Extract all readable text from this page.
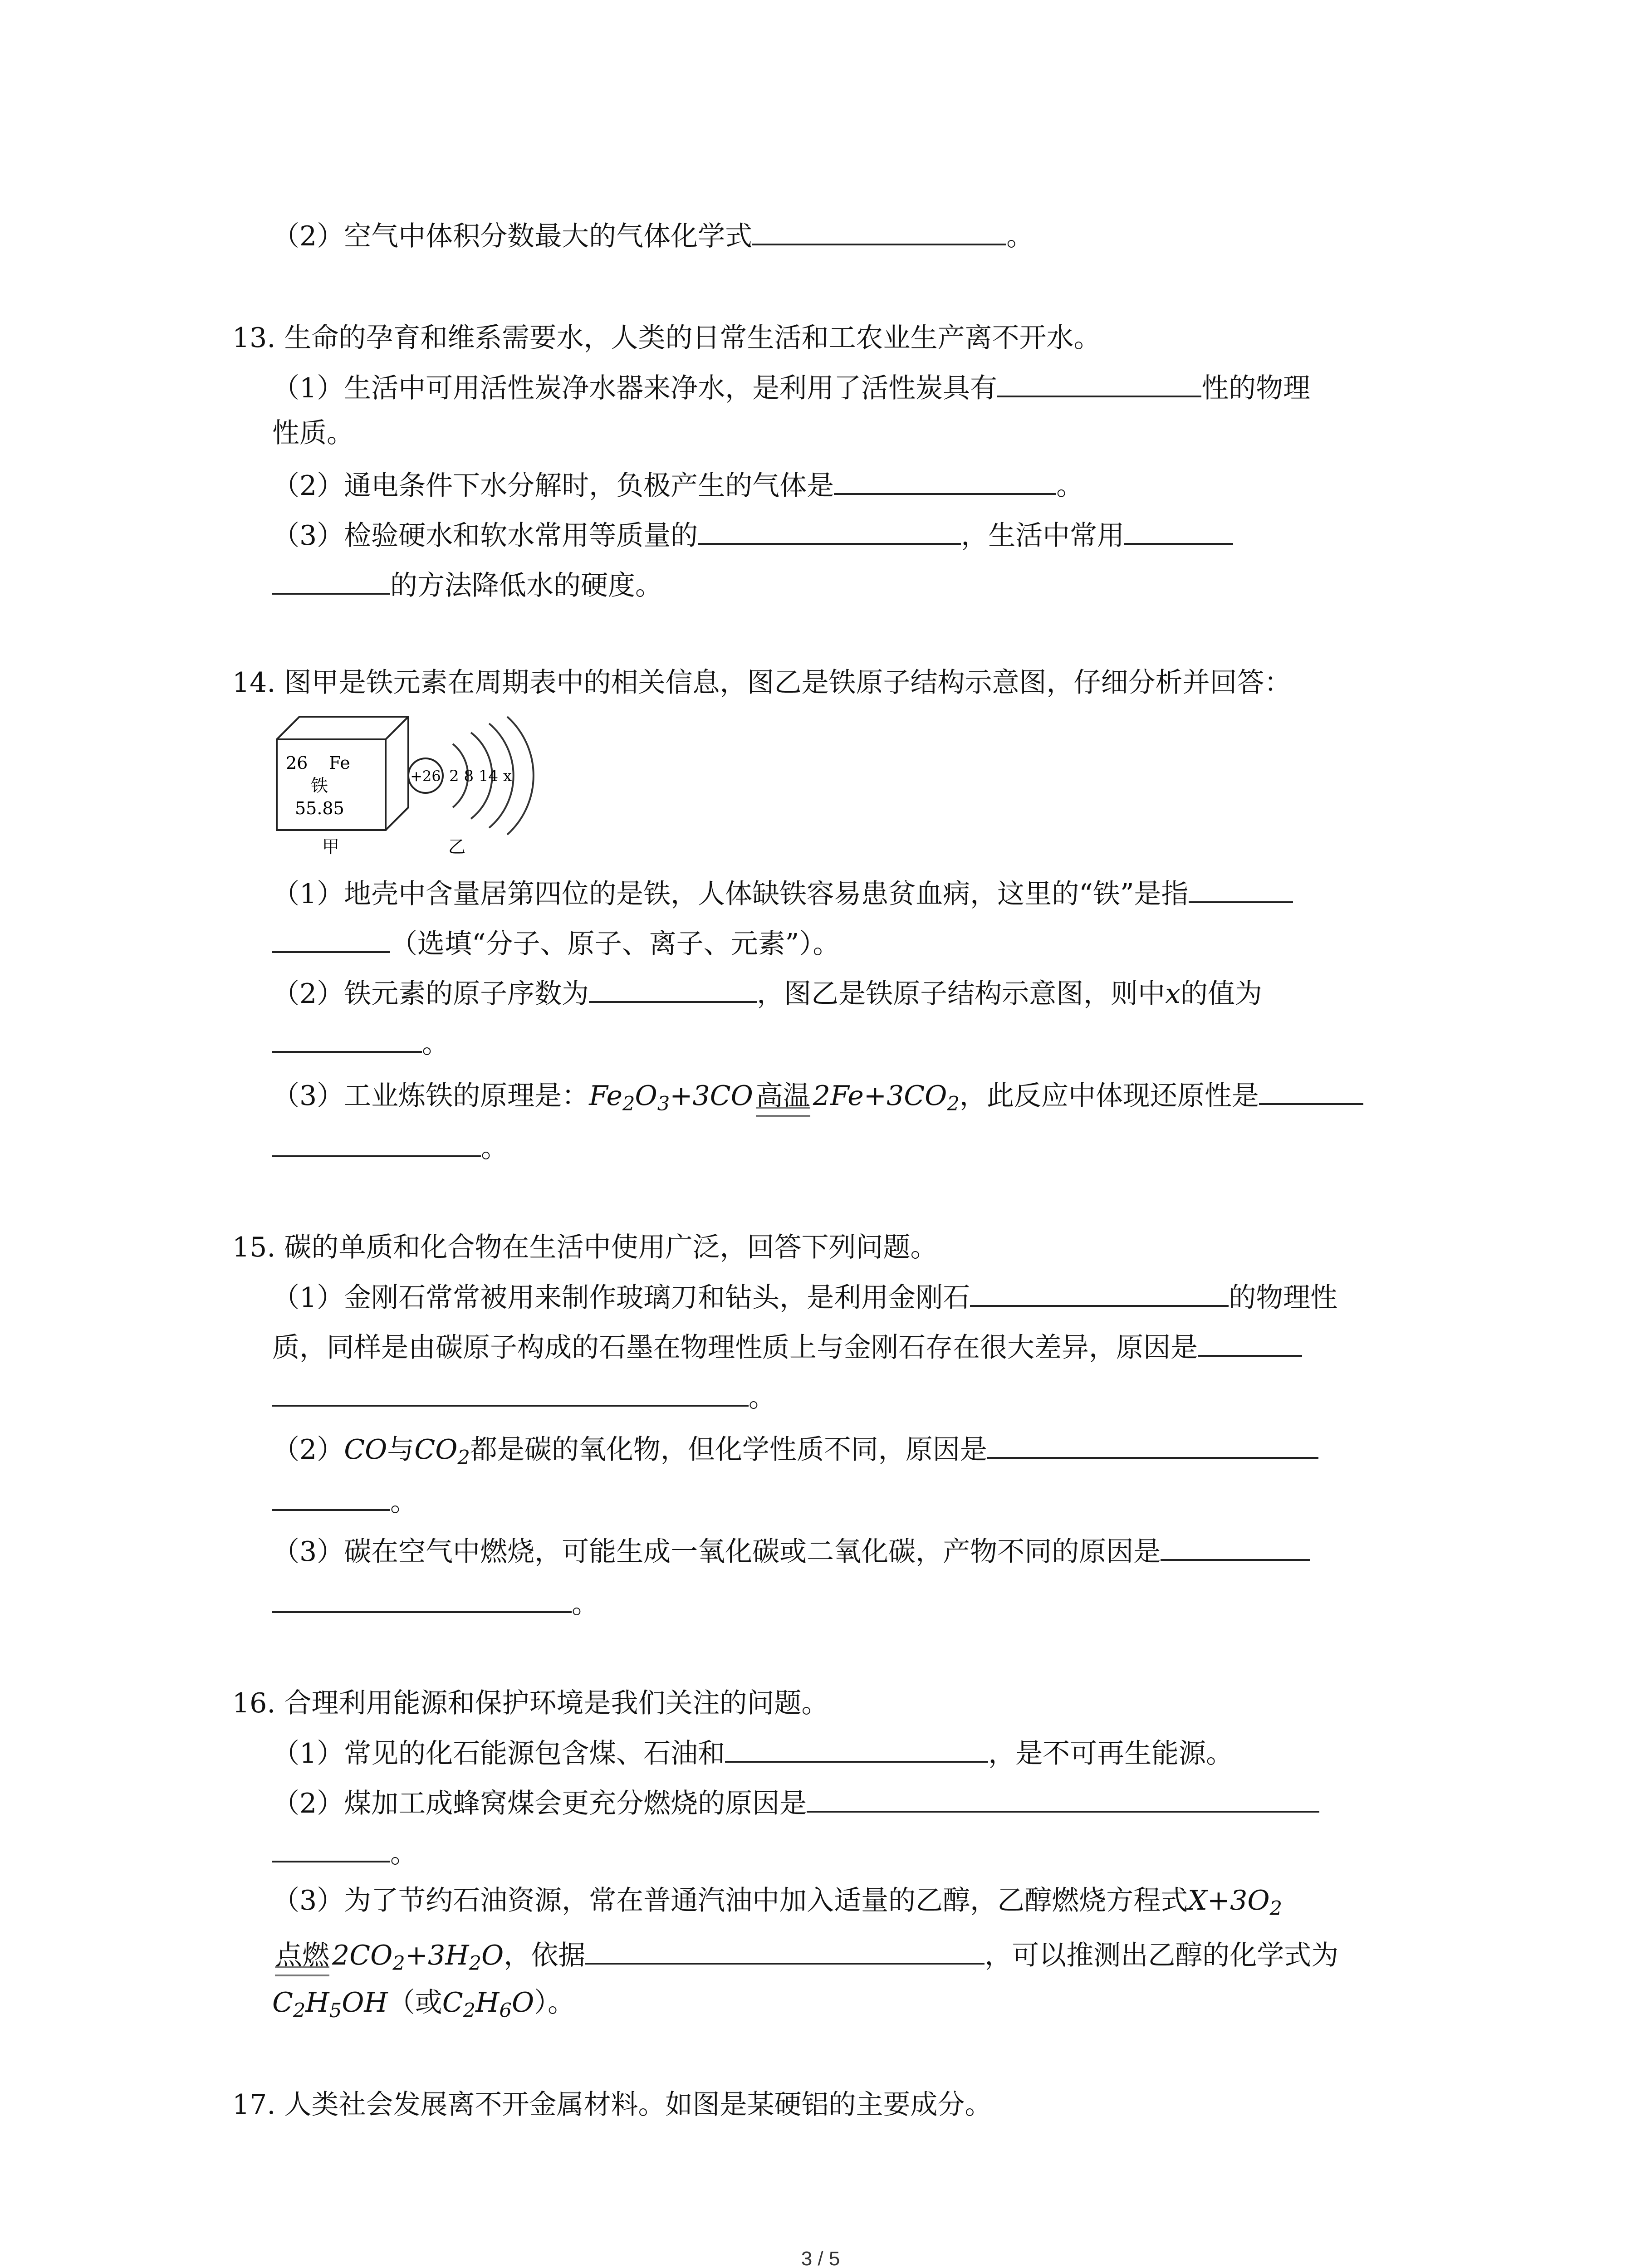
（2）空气中体积分数最大的气体化学式	。
13. 生命的孕育和维系需要水，人类的日常生活和工农业生产离不开水。
（1）生活中可用活性炭净水器来净水，是利用了活性炭具有	性的物理
性质。
（2）通电条件下水分解时，负极产生的气体是	。
（3）检验硬水和软水常用等质量的	，生活中常用
的方法降低水的硬度。
14. 图甲是铁元素在周期表中的相关信息，图乙是铁原子结构示意图，仔细分析并回答：
26 Fe
铁
55.85
甲
+26 2 8 14 x
乙
（1）地壳中含量居第四位的是铁，人体缺铁容易患贫血病，这里的“铁”是指
（选填“分子、原子、离子、元素”）。
（2）铁元素的原子序数为	，图乙是铁原子结构示意图，则中x的值为
。
（3）工业炼铁的原理是：$Fe_2O_3+3CO$ 高温 $2Fe+3CO_2$，此反应中体现还原性是
。
15. 碳的单质和化合物在生活中使用广泛，回答下列问题。
（1）金刚石常常被用来制作玻璃刀和钻头，是利用金刚石	的物理性
质，同样是由碳原子构成的石墨在物理性质上与金刚石存在很大差异，原因是
。
（2）CO与$CO_2$都是碳的氧化物，但化学性质不同，原因是
。
（3）碳在空气中燃烧，可能生成一氧化碳或二氧化碳，产物不同的原因是
。
16. 合理利用能源和保护环境是我们关注的问题。
（1）常见的化石能源包含煤、石油和	，是不可再生能源。
（2）煤加工成蜂窝煤会更充分燃烧的原因是
。
（3）为了节约石油资源，常在普通汽油中加入适量的乙醇，乙醇燃烧方程式$X+3O_2$
点燃 $2CO_2+3H_2O$，依据	，可以推测出乙醇的化学式为
$C_2H_5OH$（或$C_2H_6O$）。
17. 人类社会发展离不开金属材料。如图是某硬铝的主要成分。
3 / 5
